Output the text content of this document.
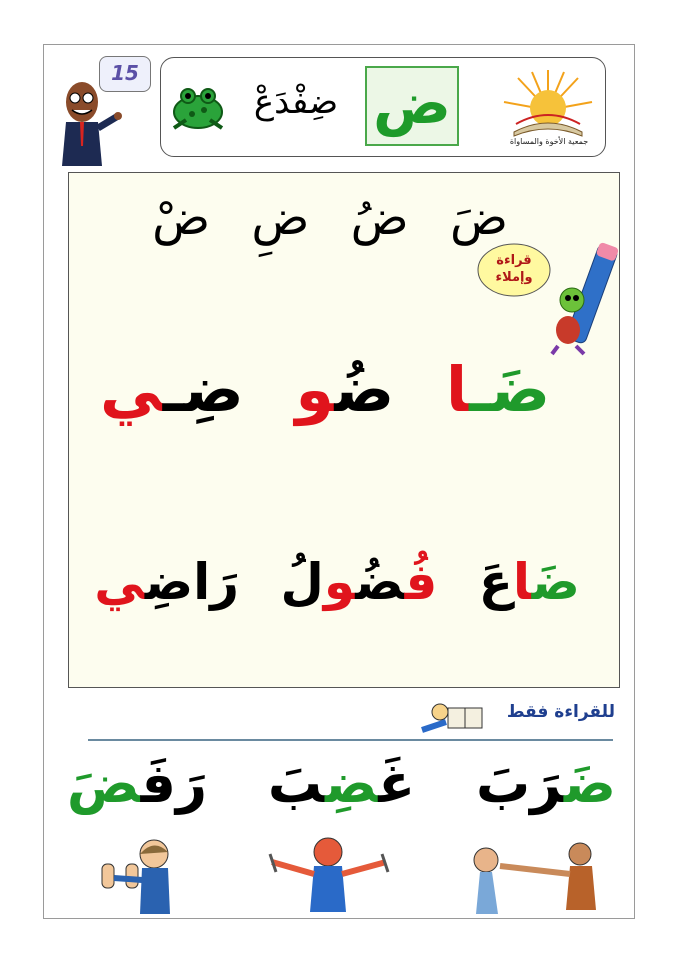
15
ضِفْدَعْ ض
جمعية الأخوة والمساواة
ضَ ضُ ضِ ضْ
ضَـا ضُو ضِـي
ضَاعَ فُضُولُ رَاضِي
قراءة
وإملاء
للقراءة فقط
ضَرَبَ غَضِبَ رَفَضَ
